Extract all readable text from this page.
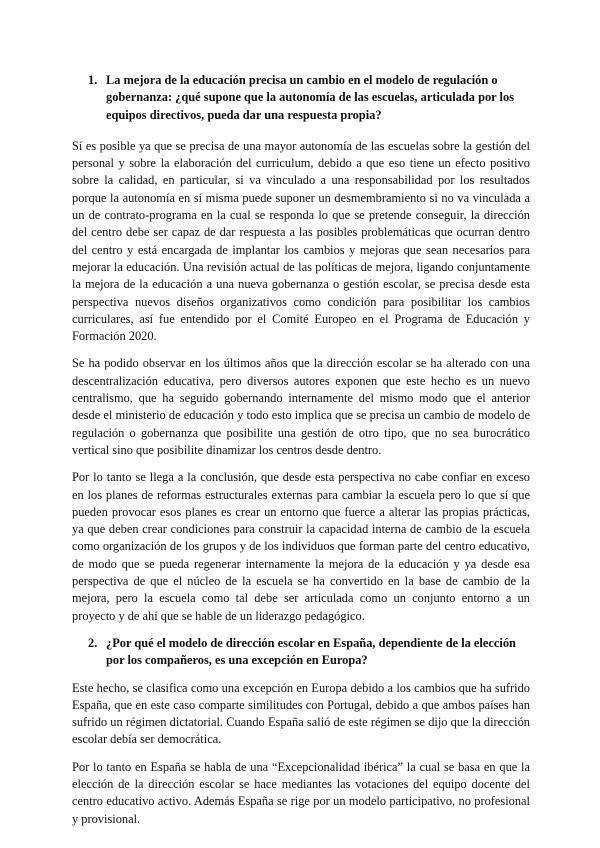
1. La mejora de la educación precisa un cambio en el modelo de regulación o gobernanza: ¿qué supone que la autonomía de las escuelas, articulada por los equipos directivos, pueda dar una respuesta propia?

Sí es posible ya que se precisa de una mayor autonomía de las escuelas sobre la gestión del personal y sobre la elaboración del curriculum, debido a que eso tiene un efecto positivo sobre la calidad, en particular, si va vinculado a una responsabilidad por los resultados porque la autonomía en sí misma puede suponer un desmembramiento si no va vinculada a un de contrato-programa en la cual se responda lo que se pretende conseguir, la dirección del centro debe ser capaz de dar respuesta a las posibles problemáticas que ocurran dentro del centro y está encargada de implantar los cambios y mejoras que sean necesarios para mejorar la educación. Una revisión actual de las políticas de mejora, ligando conjuntamente la mejora de la educación a una nueva gobernanza o gestión escolar, se precisa desde esta perspectiva nuevos diseños organizativos como condición para posibilitar los cambios curriculares, así fue entendido por el Comité Europeo en el Programa de Educación y Formación 2020.

Se ha podido observar en los últimos años que la dirección escolar se ha alterado con una descentralización educativa, pero diversos autores exponen que este hecho es un nuevo centralismo, que ha seguido gobernando internamente del mismo modo que el anterior desde el ministerio de educación y todo esto implica que se precisa un cambio de modelo de regulación o gobernanza que posibilite una gestión de otro tipo, que no sea burocrático vertical sino que posibilite dinamizar los centros desde dentro.

Por lo tanto se llega a la conclusión, que desde esta perspectiva no cabe confiar en exceso en los planes de reformas estructurales externas para cambiar la escuela pero lo que sí que pueden provocar esos planes es crear un entorno que fuerce a alterar las propias prácticas, ya que deben crear condiciones para construir la capacidad interna de cambio de la escuela como organización de los grupos y de los individuos que forman parte del centro educativo, de modo que se pueda regenerar internamente la mejora de la educación y ya desde esa perspectiva de que el núcleo de la escuela se ha convertido en la base de cambio de la mejora, pero la escuela como tal debe ser articulada como un conjunto entorno a un proyecto y de ahí que se hable de un liderazgo pedagógico.

2. ¿Por qué el modelo de dirección escolar en España, dependiente de la elección por los compañeros, es una excepción en Europa?

Este hecho, se clasifica como una excepción en Europa debido a los cambios que ha sufrido España, que en este caso comparte similitudes con Portugal, debido a que ambos países han sufrido un régimen dictatorial. Cuando España salió de este régimen se dijo que la dirección escolar debía ser democrática.

Por lo tanto en España se habla de una “Excepcionalidad ibérica” la cual se basa en que la elección de la dirección escolar se hace mediantes las votaciones del equipo docente del centro educativo activo. Además España se rige por un modelo participativo, no profesional y provisional.
